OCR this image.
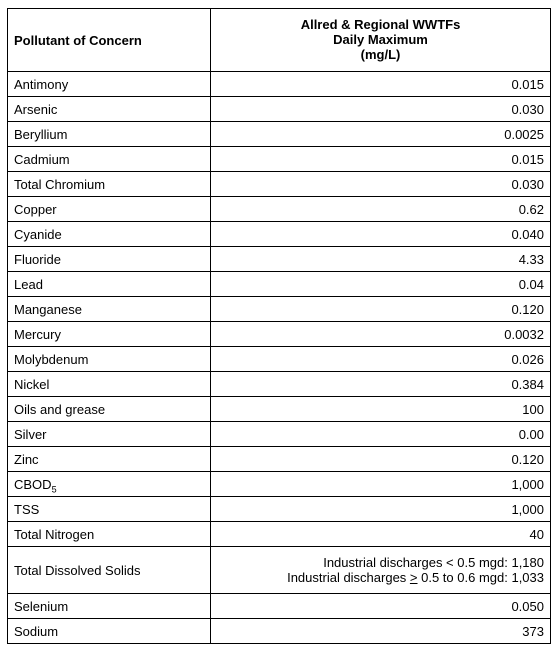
Pollutant of Concern	Allred & Regional WWTFs
Daily Maximum
(mg/L)

Antimony	0.015
Arsenic	0.030
Beryllium	0.0025
Cadmium	0.015
Total Chromium	0.030
Copper	0.62
Cyanide	0.040
Fluoride	4.33
Lead	0.04
Manganese	0.120
Mercury	0.0032
Molybdenum	0.026
Nickel	0.384
Oils and grease	100
Silver	0.00
Zinc	0.120
$CBOD_5$	1,000
TSS	1,000
Total Nitrogen	40
Total Dissolved Solids	Industrial discharges < 0.5 mgd: 1,180
Industrial discharges > 0.5 to 0.6 mgd: 1,033

Selenium	0.050
Sodium	373
